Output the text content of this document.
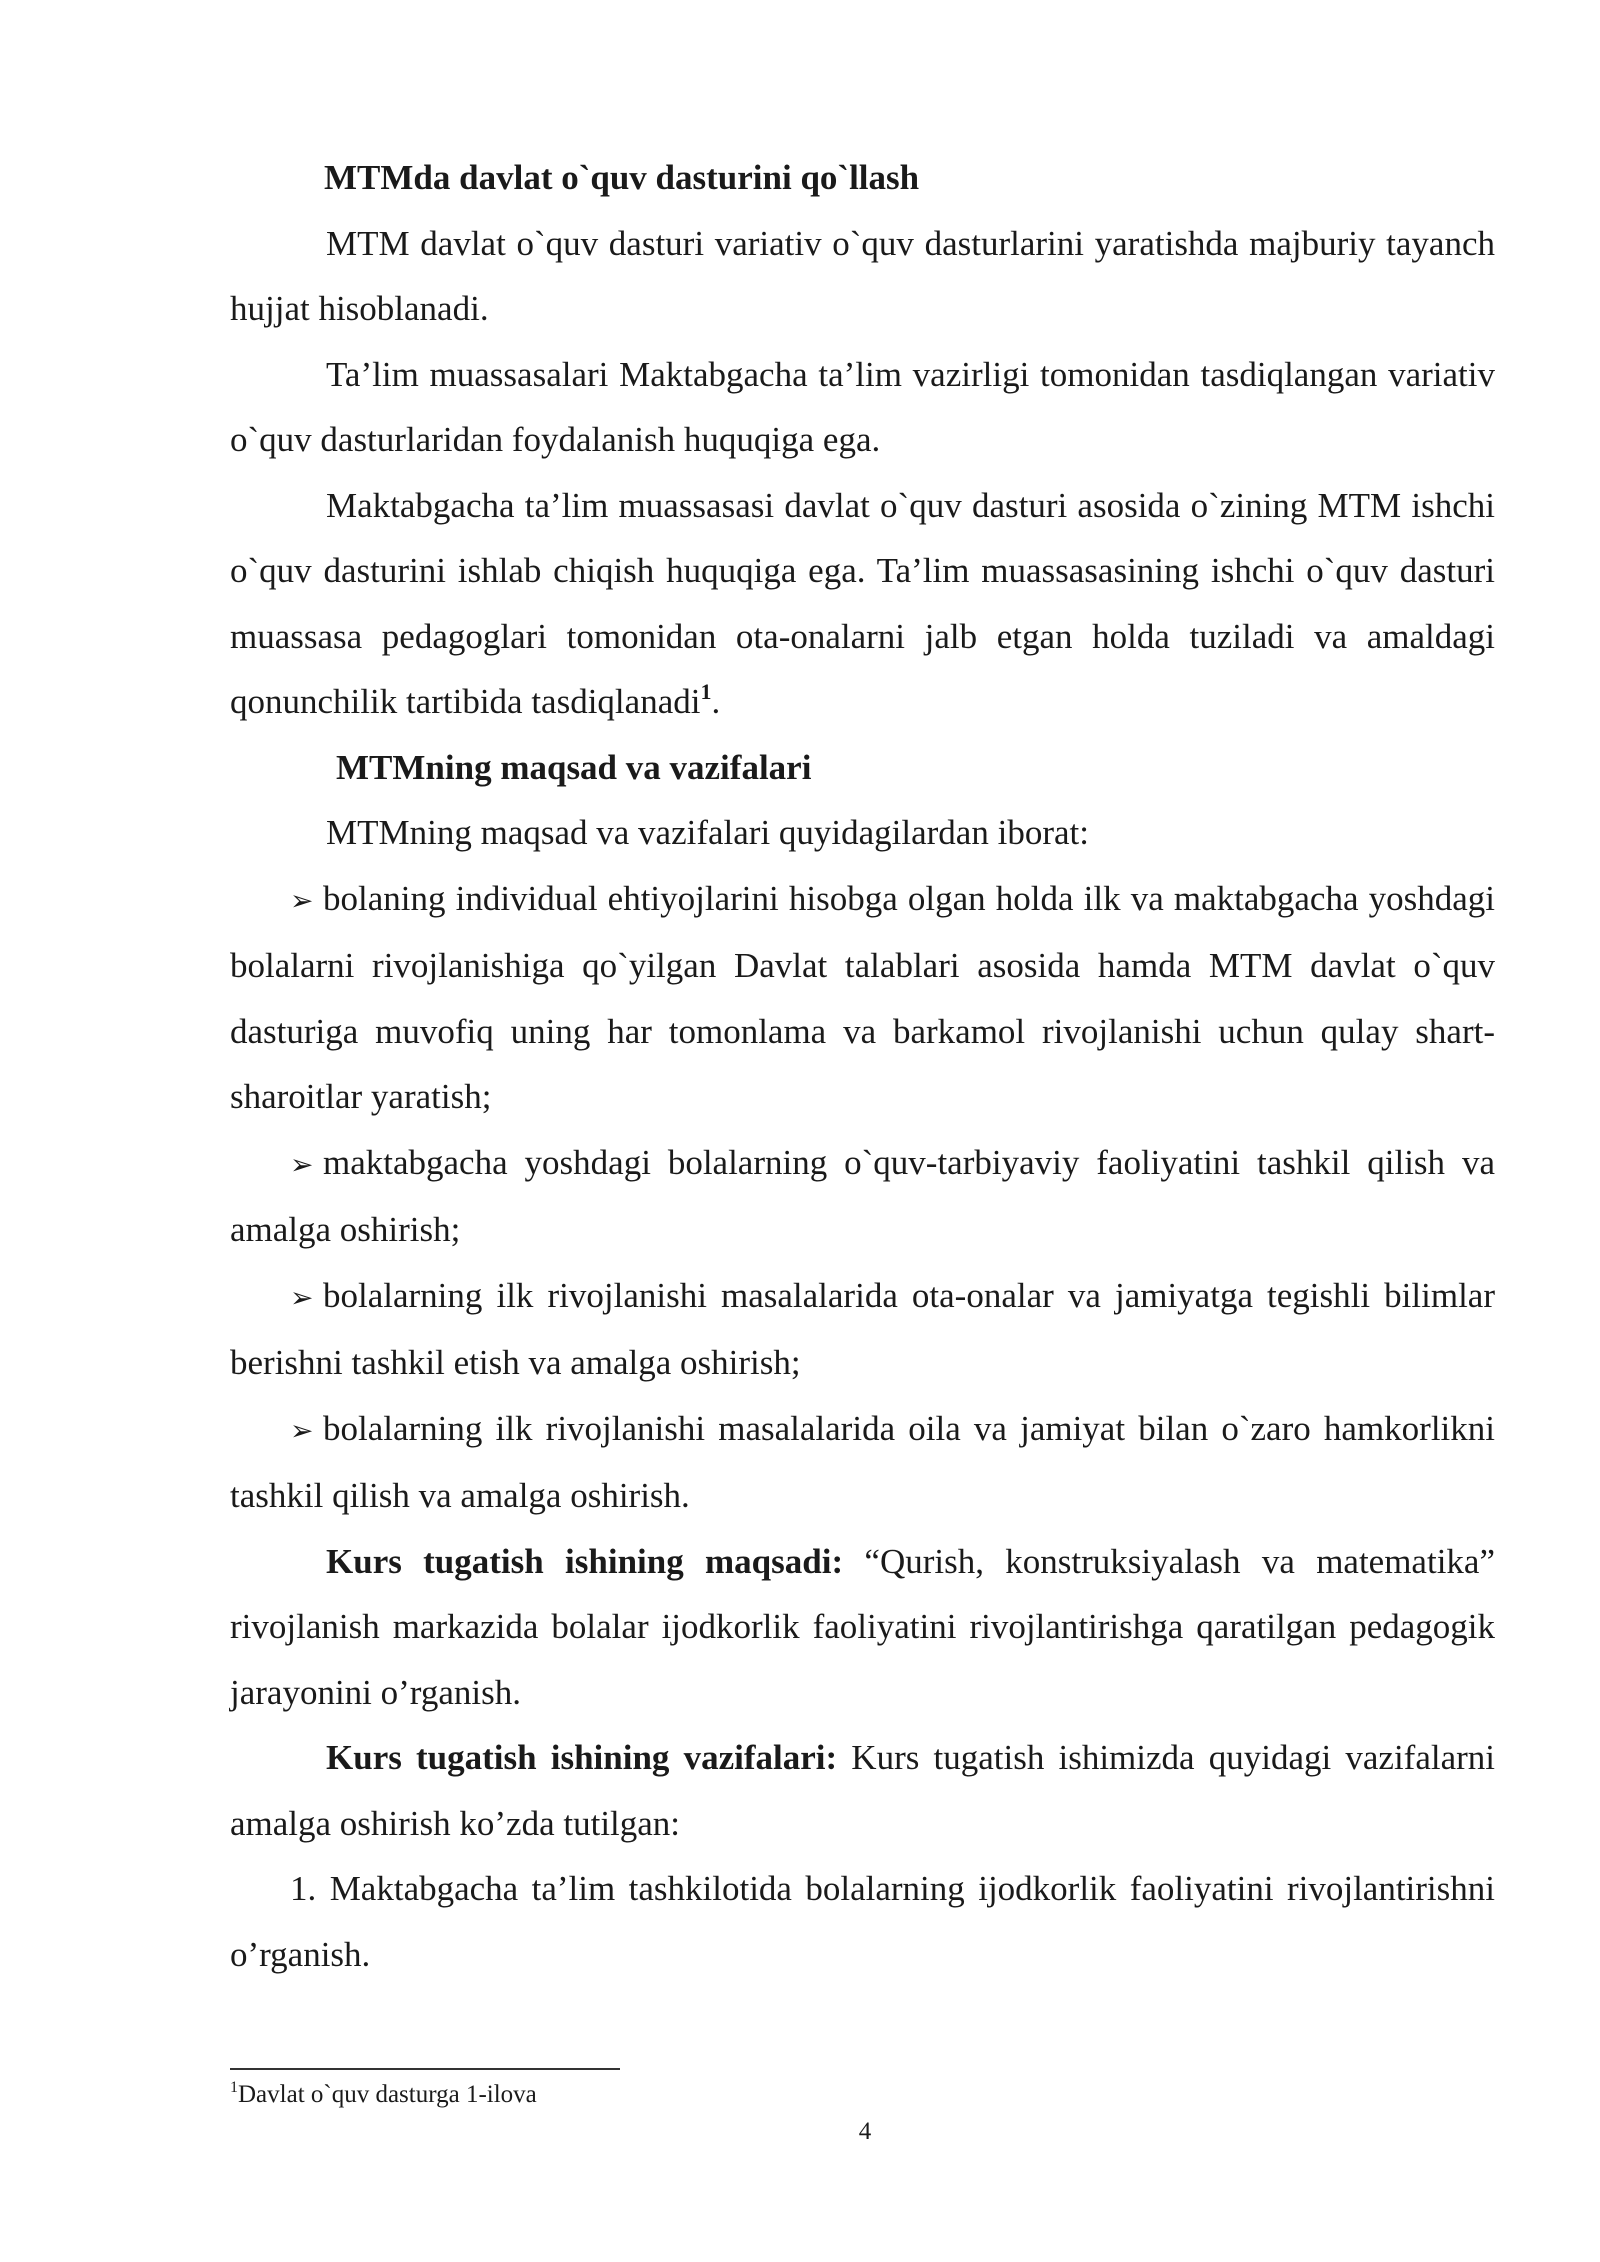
MTMda davlat o`quv dasturini qo`llash

MTM davlat o`quv dasturi variativ o`quv dasturlarini yaratishda majburiy tayanch hujjat hisoblanadi.

Ta’lim muassasalari Maktabgacha ta’lim vazirligi tomonidan tasdiqlangan variativ o`quv dasturlaridan foydalanish huquqiga ega.

Maktabgacha ta’lim muassasasi davlat o`quv dasturi asosida o`zining MTM ishchi o`quv dasturini ishlab chiqish huquqiga ega. Ta’lim muassasasining ishchi o`quv dasturi muassasa pedagoglari tomonidan ota-onalarni jalb etgan holda tuziladi va amaldagi qonunchilik tartibida tasdiqlanadi$^1$.

MTMning maqsad va vazifalari

MTMning maqsad va vazifalari quyidagilardan iborat:

➢ bolaning individual ehtiyojlarini hisobga olgan holda ilk va maktabgacha yoshdagi bolalarni rivojlanishiga qo`yilgan Davlat talablari asosida hamda MTM davlat o`quv dasturiga muvofiq uning har tomonlama va barkamol rivojlanishi uchun qulay shart-sharoitlar yaratish;

➢ maktabgacha yoshdagi bolalarning o`quv-tarbiyaviy faoliyatini tashkil qilish va amalga oshirish;

➢ bolalarning ilk rivojlanishi masalalarida ota-onalar va jamiyatga tegishli bilimlar berishni tashkil etish va amalga oshirish;

➢ bolalarning ilk rivojlanishi masalalarida oila va jamiyat bilan o`zaro hamkorlikni tashkil qilish va amalga oshirish.

Kurs tugatish ishining maqsadi: “Qurish, konstruksiyalash va matematika” rivojlanish markazida bolalar ijodkorlik faoliyatini rivojlantirishga qaratilgan pedagogik jarayonini o’rganish.

Kurs tugatish ishining vazifalari: Kurs tugatish ishimizda quyidagi vazifalarni amalga oshirish ko’zda tutilgan:

1. Maktabgacha ta’lim tashkilotida bolalarning ijodkorlik faoliyatini rivojlantirishni o’rganish.

$^1$Davlat o`quv dasturga 1-ilova
4
